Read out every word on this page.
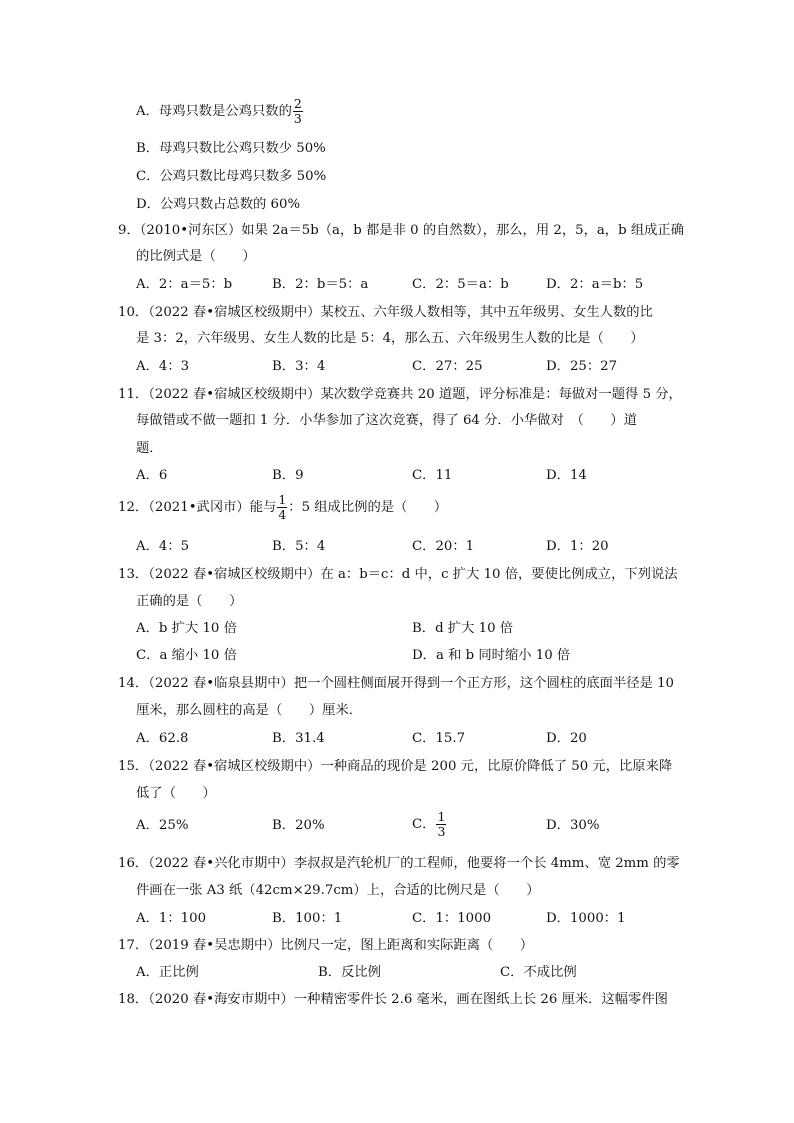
A．母鸡只数是公鸡只数的 $\frac{2}{3}$
B．母鸡只数比公鸡只数少 50%
C．公鸡只数比母鸡只数多 50%
D．公鸡只数占总数的 60%
9．（2010•河东区）如果 2a＝5b（a，b 都是非 0 的自然数），那么，用 2，5，a，b 组成正确
的比例式是（　　）
A．2：a＝5：b	B．2：b＝5：a	C．2：5＝a：b	D．2：a＝b：5
10．（2022 春•宿城区校级期中）某校五、六年级人数相等，其中五年级男、女生人数的比
是 3：2，六年级男、女生人数的比是 5：4，那么五、六年级男生人数的比是（　　）
A．4：3	B．3：4	C．27：25	D．25：27
11．（2022 春•宿城区校级期中）某次数学竞赛共 20 道题，评分标准是：每做对一题得 5 分，
每做错或不做一题扣 1 分．小华参加了这次竞赛，得了 64 分．小华做对　（　　）道
题．
A．6	B．9	C．11	D．14
12．（2021•武冈市）能与 $\frac{1}{4}$ ：5 组成比例的是（　　）
A．4：5	B．5：4	C．20：1	D．1：20
13．（2022 春•宿城区校级期中）在 a：b＝c：d 中，c 扩大 10 倍，要使比例成立，下列说法
正确的是（　　）
A．b 扩大 10 倍	B．d 扩大 10 倍
C．a 缩小 10 倍	D．a 和 b 同时缩小 10 倍
14．（2022 春•临泉县期中）把一个圆柱侧面展开得到一个正方形，这个圆柱的底面半径是 10
厘米，那么圆柱的高是（　　）厘米．
A．62.8	B．31.4	C．15.7	D．20
15．（2022 春•宿城区校级期中）一种商品的现价是 200 元，比原价降低了 50 元，比原来降
低了（　　）
A．25%	B．20%	C． $\frac{1}{3}$	D．30%
16．（2022 春•兴化市期中）李叔叔是汽轮机厂的工程师，他要将一个长 4mm、宽 2mm 的零
件画在一张 A3 纸（42cm×29.7cm）上，合适的比例尺是（　　）
A．1：100	B．100：1	C．1：1000	D．1000：1
17．（2019 春•吴忠期中）比例尺一定，图上距离和实际距离（　　）
A．正比例	B．反比例	C．不成比例
18．（2020 春•海安市期中）一种精密零件长 2.6 毫米，画在图纸上长 26 厘米．这幅零件图
